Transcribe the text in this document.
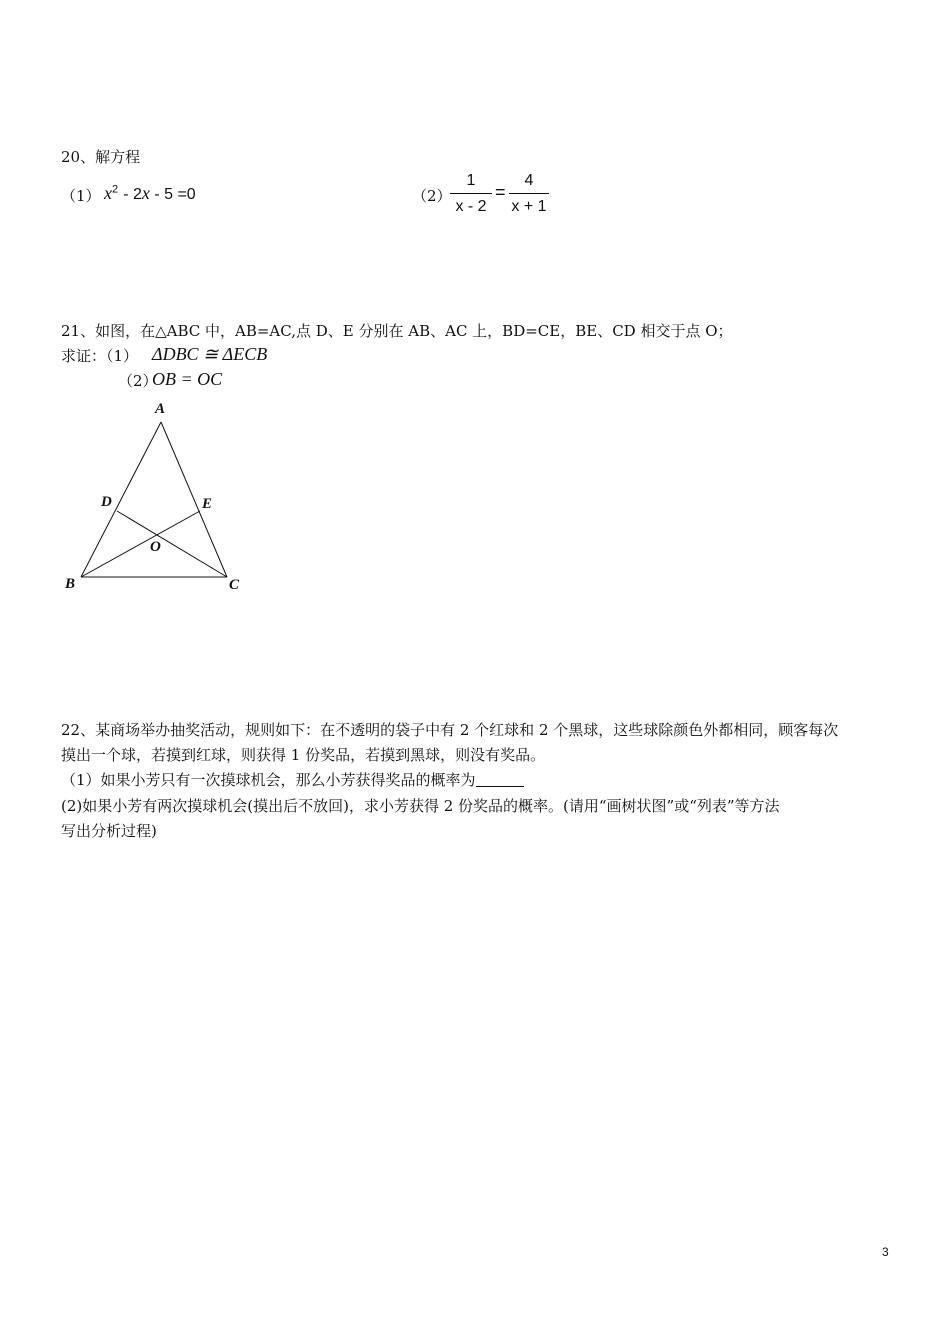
20、解方程
（1） $x^2 - 2x - 5 =0$	（2）
1
x - 2
=
4
x + 1
21、如图，在△ABC 中，AB=AC,点 D、E 分别在 AB、AC 上，BD=CE，BE、CD 相交于点 O；
求证：（1） ΔDBC ≅ ΔECB
（2）
OB = OC
A
D	E
O
B	C
22、某商场举办抽奖活动，规则如下：在不透明的袋子中有 2 个红球和 2 个黑球，这些球除颜色外都相同，顾客每次
摸出一个球，若摸到红球，则获得 1 份奖品，若摸到黑球，则没有奖品。
（1）如果小芳只有一次摸球机会，那么小芳获得奖品的概率为
(2)如果小芳有两次摸球机会(摸出后不放回)，求小芳获得 2 份奖品的概率。(请用“画树状图”或“列表”等方法
写出分析过程)
3
